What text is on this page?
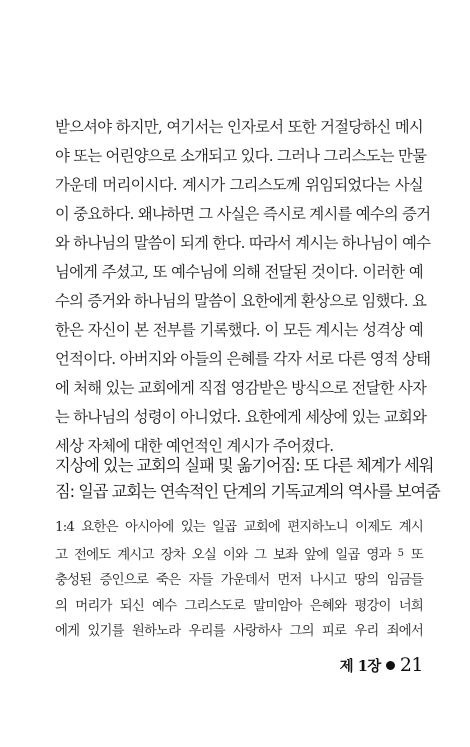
받으셔야 하지만, 여기서는 인자로서 또한 거절당하신 메시
야 또는 어린양으로 소개되고 있다. 그러나 그리스도는 만물
가운데 머리이시다. 계시가 그리스도께 위임되었다는 사실
이 중요하다. 왜냐하면 그 사실은 즉시로 계시를 예수의 증거
와 하나님의 말씀이 되게 한다. 따라서 계시는 하나님이 예수
님에게 주셨고, 또 예수님에 의해 전달된 것이다. 이러한 예
수의 증거와 하나님의 말씀이 요한에게 환상으로 임했다. 요
한은 자신이 본 전부를 기록했다. 이 모든 계시는 성격상 예
언적이다. 아버지와 아들의 은혜를 각자 서로 다른 영적 상태
에 처해 있는 교회에게 직접 영감받은 방식으로 전달한 사자
는 하나님의 성령이 아니었다. 요한에게 세상에 있는 교회와
세상 자체에 대한 예언적인 계시가 주어졌다.
지상에 있는 교회의 실패 및 옮기어짐: 또 다른 체계가 세워
짐: 일곱 교회는 연속적인 단계의 기독교계의 역사를 보여줌
1:4 요한은 아시아에 있는 일곱 교회에 편지하노니 이제도 계시
고 전에도 계시고 장차 오실 이와 그 보좌 앞에 일곱 영과 $^5$ 또
충성된 증인으로 죽은 자들 가운데서 먼저 나시고 땅의 임금들
의 머리가 되신 예수 그리스도로 말미암아 은혜와 평강이 너희
에게 있기를 원하노라 우리를 사랑하사 그의 피로 우리 죄에서
제 1장 21
